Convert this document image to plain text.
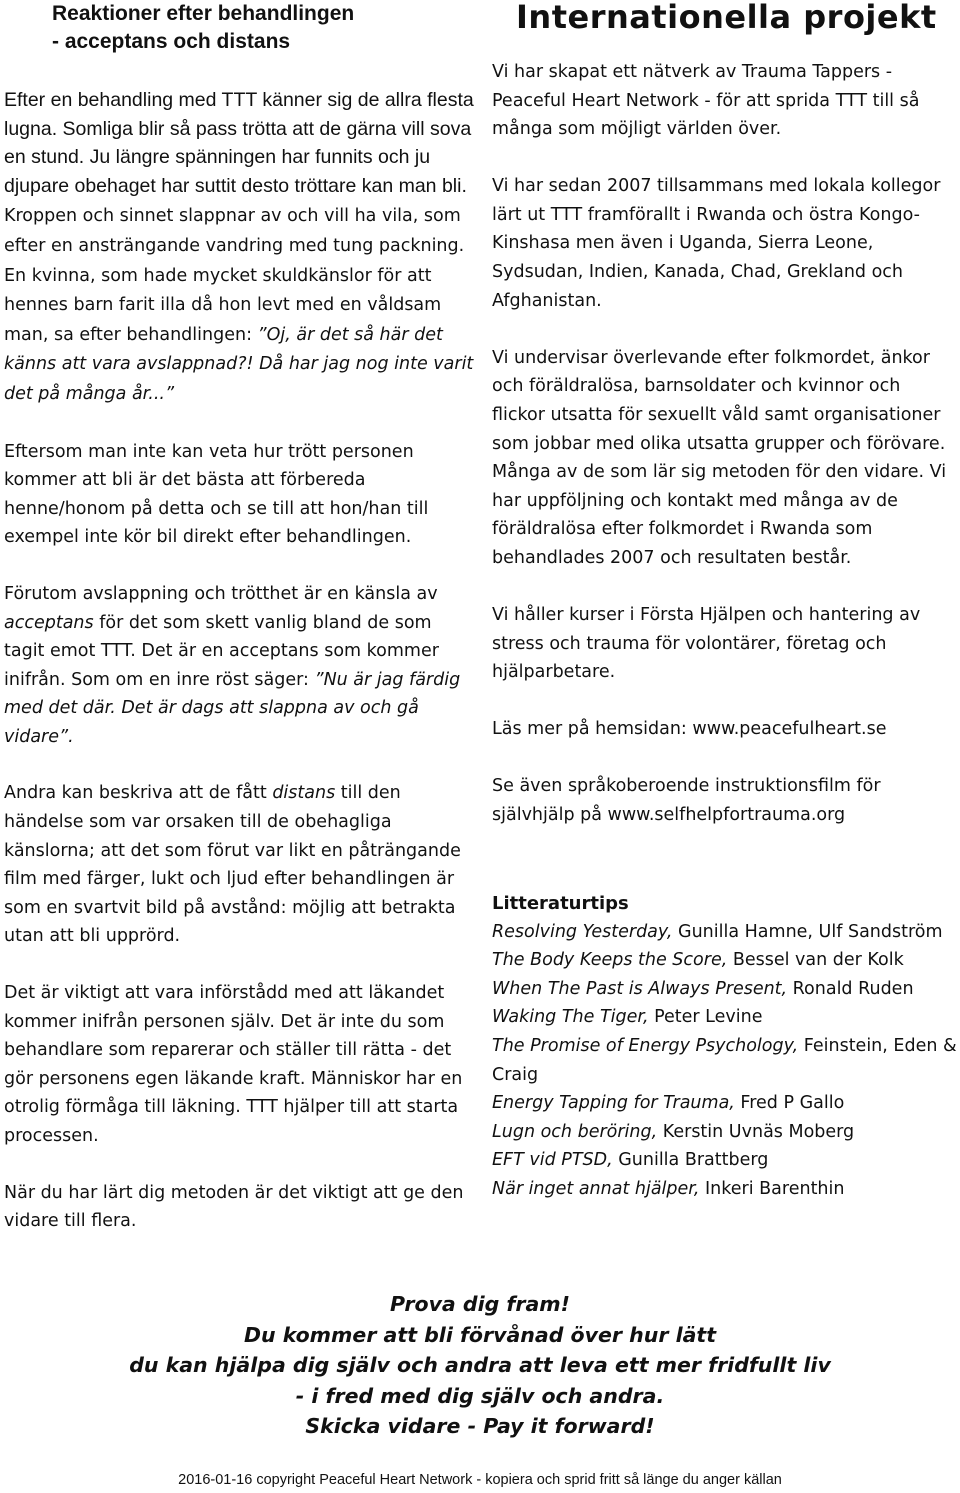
Reaktioner efter behandlingen
- acceptans och distans

Efter en behandling med TTT känner sig de allra flesta lugna. Somliga blir så pass trötta att de gärna vill sova en stund. Ju längre spänningen har funnits och ju djupare obehaget har suttit desto tröttare kan man bli. Kroppen och sinnet slappnar av och vill ha vila, som efter en ansträngande vandring med tung packning. En kvinna, som hade mycket skuldkänslor för att hennes barn farit illa då hon levt med en våldsam man, sa efter behandlingen: ”Oj, är det så här det känns att vara avslappnad?! Då har jag nog inte varit det på många år...”

Eftersom man inte kan veta hur trött personen kommer att bli är det bästa att förbereda henne/honom på detta och se till att hon/han till exempel inte kör bil direkt efter behandlingen.

Förutom avslappning och trötthet är en känsla av acceptans för det som skett vanlig bland de som tagit emot TTT. Det är en acceptans som kommer inifrån. Som om en inre röst säger: ”Nu är jag färdig med det där. Det är dags att slappna av och gå vidare”.

Andra kan beskriva att de fått distans till den händelse som var orsaken till de obehagliga känslorna; att det som förut var likt en påträngande film med färger, lukt och ljud efter behandlingen är som en svartvit bild på avstånd: möjlig att betrakta utan att bli upprörd.

Det är viktigt att vara införstådd med att läkandet kommer inifrån personen själv. Det är inte du som behandlare som reparerar och ställer till rätta - det gör personens egen läkande kraft. Människor har en otrolig förmåga till läkning. TTT hjälper till att starta processen.

När du har lärt dig metoden är det viktigt att ge den vidare till flera.

Internationella projekt

Vi har skapat ett nätverk av Trauma Tappers - Peaceful Heart Network - för att sprida TTT till så många som möjligt världen över.

Vi har sedan 2007 tillsammans med lokala kollegor lärt ut TTT framförallt i Rwanda och östra Kongo-Kinshasa men även i Uganda, Sierra Leone, Sydsudan, Indien, Kanada, Chad, Grekland och Afghanistan.

Vi undervisar överlevande efter folkmordet, änkor och föräldralösa, barnsoldater och kvinnor och flickor utsatta för sexuellt våld samt organisationer som jobbar med olika utsatta grupper och förövare. Många av de som lär sig metoden för den vidare. Vi har uppföljning och kontakt med många av de föräldralösa efter folkmordet i Rwanda som behandlades 2007 och resultaten består.

Vi håller kurser i Första Hjälpen och hantering av stress och trauma för volontärer, företag och hjälparbetare.

Läs mer på hemsidan: www.peacefulheart.se

Se även språkoberoende instruktionsfilm för självhjälp på www.selfhelpfortrauma.org

Litteraturtips
Resolving Yesterday, Gunilla Hamne, Ulf Sandström
The Body Keeps the Score, Bessel van der Kolk
When The Past is Always Present, Ronald Ruden
Waking The Tiger, Peter Levine
The Promise of Energy Psychology, Feinstein, Eden & Craig
Energy Tapping for Trauma, Fred P Gallo
Lugn och beröring, Kerstin Uvnäs Moberg
EFT vid PTSD, Gunilla Brattberg
När inget annat hjälper, Inkeri Barenthin
Prova dig fram!
Du kommer att bli förvånad över hur lätt
du kan hjälpa dig själv och andra att leva ett mer fridfullt liv
- i fred med dig själv och andra.
Skicka vidare - Pay it forward!
2016-01-16 copyright Peaceful Heart Network - kopiera och sprid fritt så länge du anger källan
